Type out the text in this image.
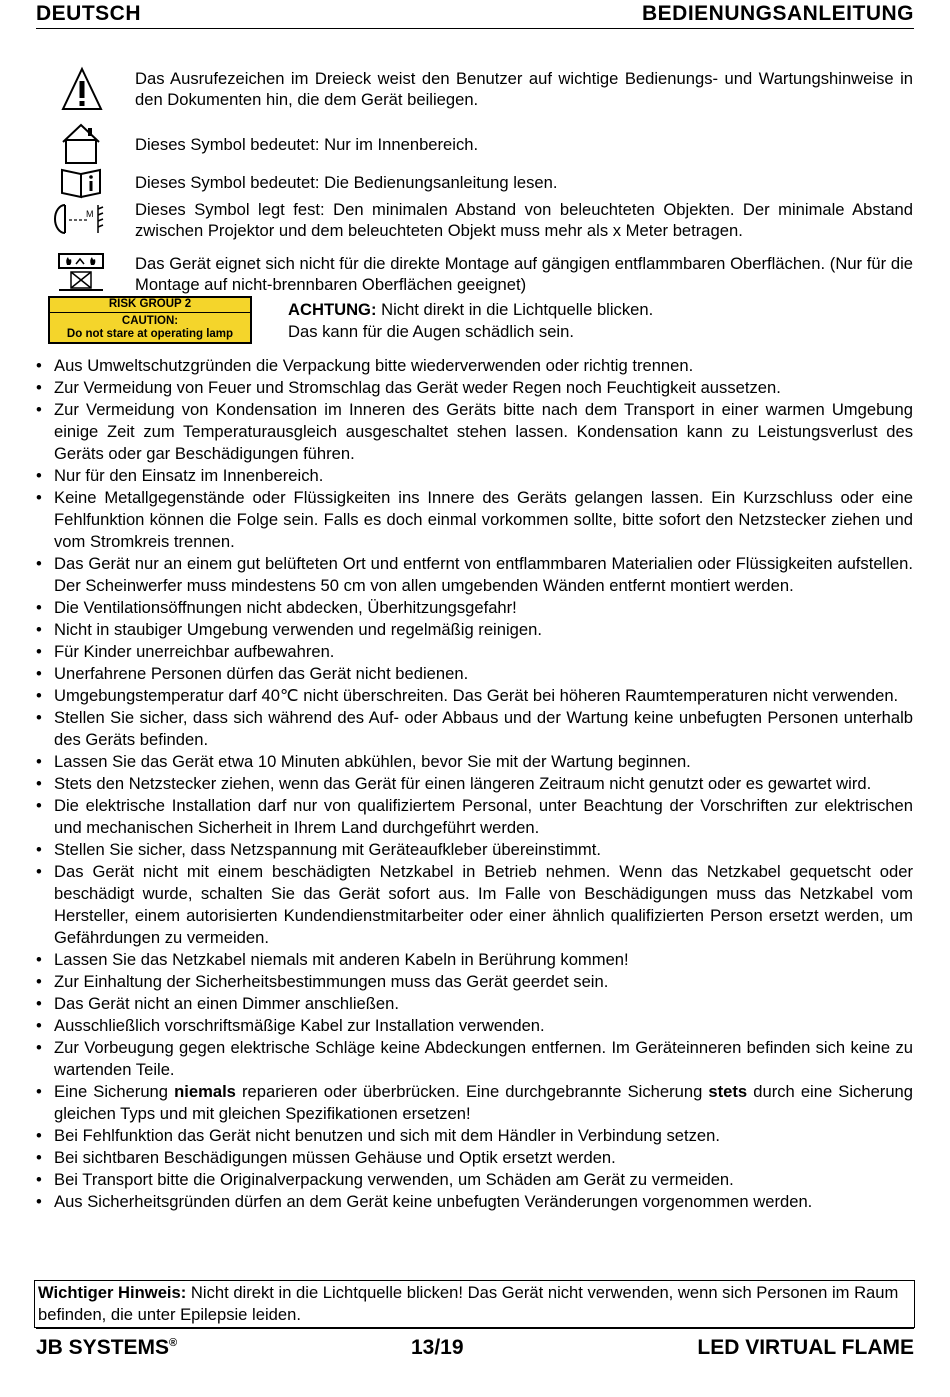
DEUTSCH	BEDIENUNGSANLEITUNG
Das Ausrufezeichen im Dreieck weist den Benutzer auf wichtige Bedienungs- und Wartungshinweise in den Dokumenten hin, die dem Gerät beiliegen.
Dieses Symbol bedeutet: Nur im Innenbereich.
Dieses Symbol bedeutet: Die Bedienungsanleitung lesen.
M	Dieses Symbol legt fest: Den minimalen Abstand von beleuchteten Objekten. Der minimale Abstand zwischen Projektor und dem beleuchteten Objekt muss mehr als x Meter betragen.
Das Gerät eignet sich nicht für die direkte Montage auf gängigen entflammbaren Oberflächen. (Nur für die Montage auf nicht-brennbaren Oberflächen geeignet)
RISK GROUP 2
CAUTION:
Do not stare at operating lamp
ACHTUNG: Nicht direkt in die Lichtquelle blicken.
Das kann für die Augen schädlich sein.
• Aus Umweltschutzgründen die Verpackung bitte wiederverwenden oder richtig trennen.
• Zur Vermeidung von Feuer und Stromschlag das Gerät weder Regen noch Feuchtigkeit aussetzen.
• Zur Vermeidung von Kondensation im Inneren des Geräts bitte nach dem Transport in einer warmen Umgebung einige Zeit zum Temperaturausgleich ausgeschaltet stehen lassen. Kondensation kann zu Leistungsverlust des Geräts oder gar Beschädigungen führen.
• Nur für den Einsatz im Innenbereich.
• Keine Metallgegenstände oder Flüssigkeiten ins Innere des Geräts gelangen lassen. Ein Kurzschluss oder eine Fehlfunktion können die Folge sein. Falls es doch einmal vorkommen sollte, bitte sofort den Netzstecker ziehen und vom Stromkreis trennen.
• Das Gerät nur an einem gut belüfteten Ort und entfernt von entflammbaren Materialien oder Flüssigkeiten aufstellen. Der Scheinwerfer muss mindestens 50 cm von allen umgebenden Wänden entfernt montiert werden.
• Die Ventilationsöffnungen nicht abdecken, Überhitzungsgefahr!
• Nicht in staubiger Umgebung verwenden und regelmäßig reinigen.
• Für Kinder unerreichbar aufbewahren.
• Unerfahrene Personen dürfen das Gerät nicht bedienen.
• Umgebungstemperatur darf 40℃ nicht überschreiten. Das Gerät bei höheren Raumtemperaturen nicht verwenden.
• Stellen Sie sicher, dass sich während des Auf- oder Abbaus und der Wartung keine unbefugten Personen unterhalb des Geräts befinden.
• Lassen Sie das Gerät etwa 10 Minuten abkühlen, bevor Sie mit der Wartung beginnen.
• Stets den Netzstecker ziehen, wenn das Gerät für einen längeren Zeitraum nicht genutzt oder es gewartet wird.
• Die elektrische Installation darf nur von qualifiziertem Personal, unter Beachtung der Vorschriften zur elektrischen und mechanischen Sicherheit in Ihrem Land durchgeführt werden.
• Stellen Sie sicher, dass Netzspannung mit Geräteaufkleber übereinstimmt.
• Das Gerät nicht mit einem beschädigten Netzkabel in Betrieb nehmen. Wenn das Netzkabel gequetscht oder beschädigt wurde, schalten Sie das Gerät sofort aus. Im Falle von Beschädigungen muss das Netzkabel vom Hersteller, einem autorisierten Kundendienstmitarbeiter oder einer ähnlich qualifizierten Person ersetzt werden, um Gefährdungen zu vermeiden.
• Lassen Sie das Netzkabel niemals mit anderen Kabeln in Berührung kommen!
• Zur Einhaltung der Sicherheitsbestimmungen muss das Gerät geerdet sein.
• Das Gerät nicht an einen Dimmer anschließen.
• Ausschließlich vorschriftsmäßige Kabel zur Installation verwenden.
• Zur Vorbeugung gegen elektrische Schläge keine Abdeckungen entfernen. Im Geräteinneren befinden sich keine zu wartenden Teile.
• Eine Sicherung niemals reparieren oder überbrücken. Eine durchgebrannte Sicherung stets durch eine Sicherung gleichen Typs und mit gleichen Spezifikationen ersetzen!
• Bei Fehlfunktion das Gerät nicht benutzen und sich mit dem Händler in Verbindung setzen.
• Bei sichtbaren Beschädigungen müssen Gehäuse und Optik ersetzt werden.
• Bei Transport bitte die Originalverpackung verwenden, um Schäden am Gerät zu vermeiden.
• Aus Sicherheitsgründen dürfen an dem Gerät keine unbefugten Veränderungen vorgenommen werden.
Wichtiger Hinweis: Nicht direkt in die Lichtquelle blicken! Das Gerät nicht verwenden, wenn sich Personen im Raum befinden, die unter Epilepsie leiden.
JB SYSTEMS®	13/19	LED VIRTUAL FLAME
